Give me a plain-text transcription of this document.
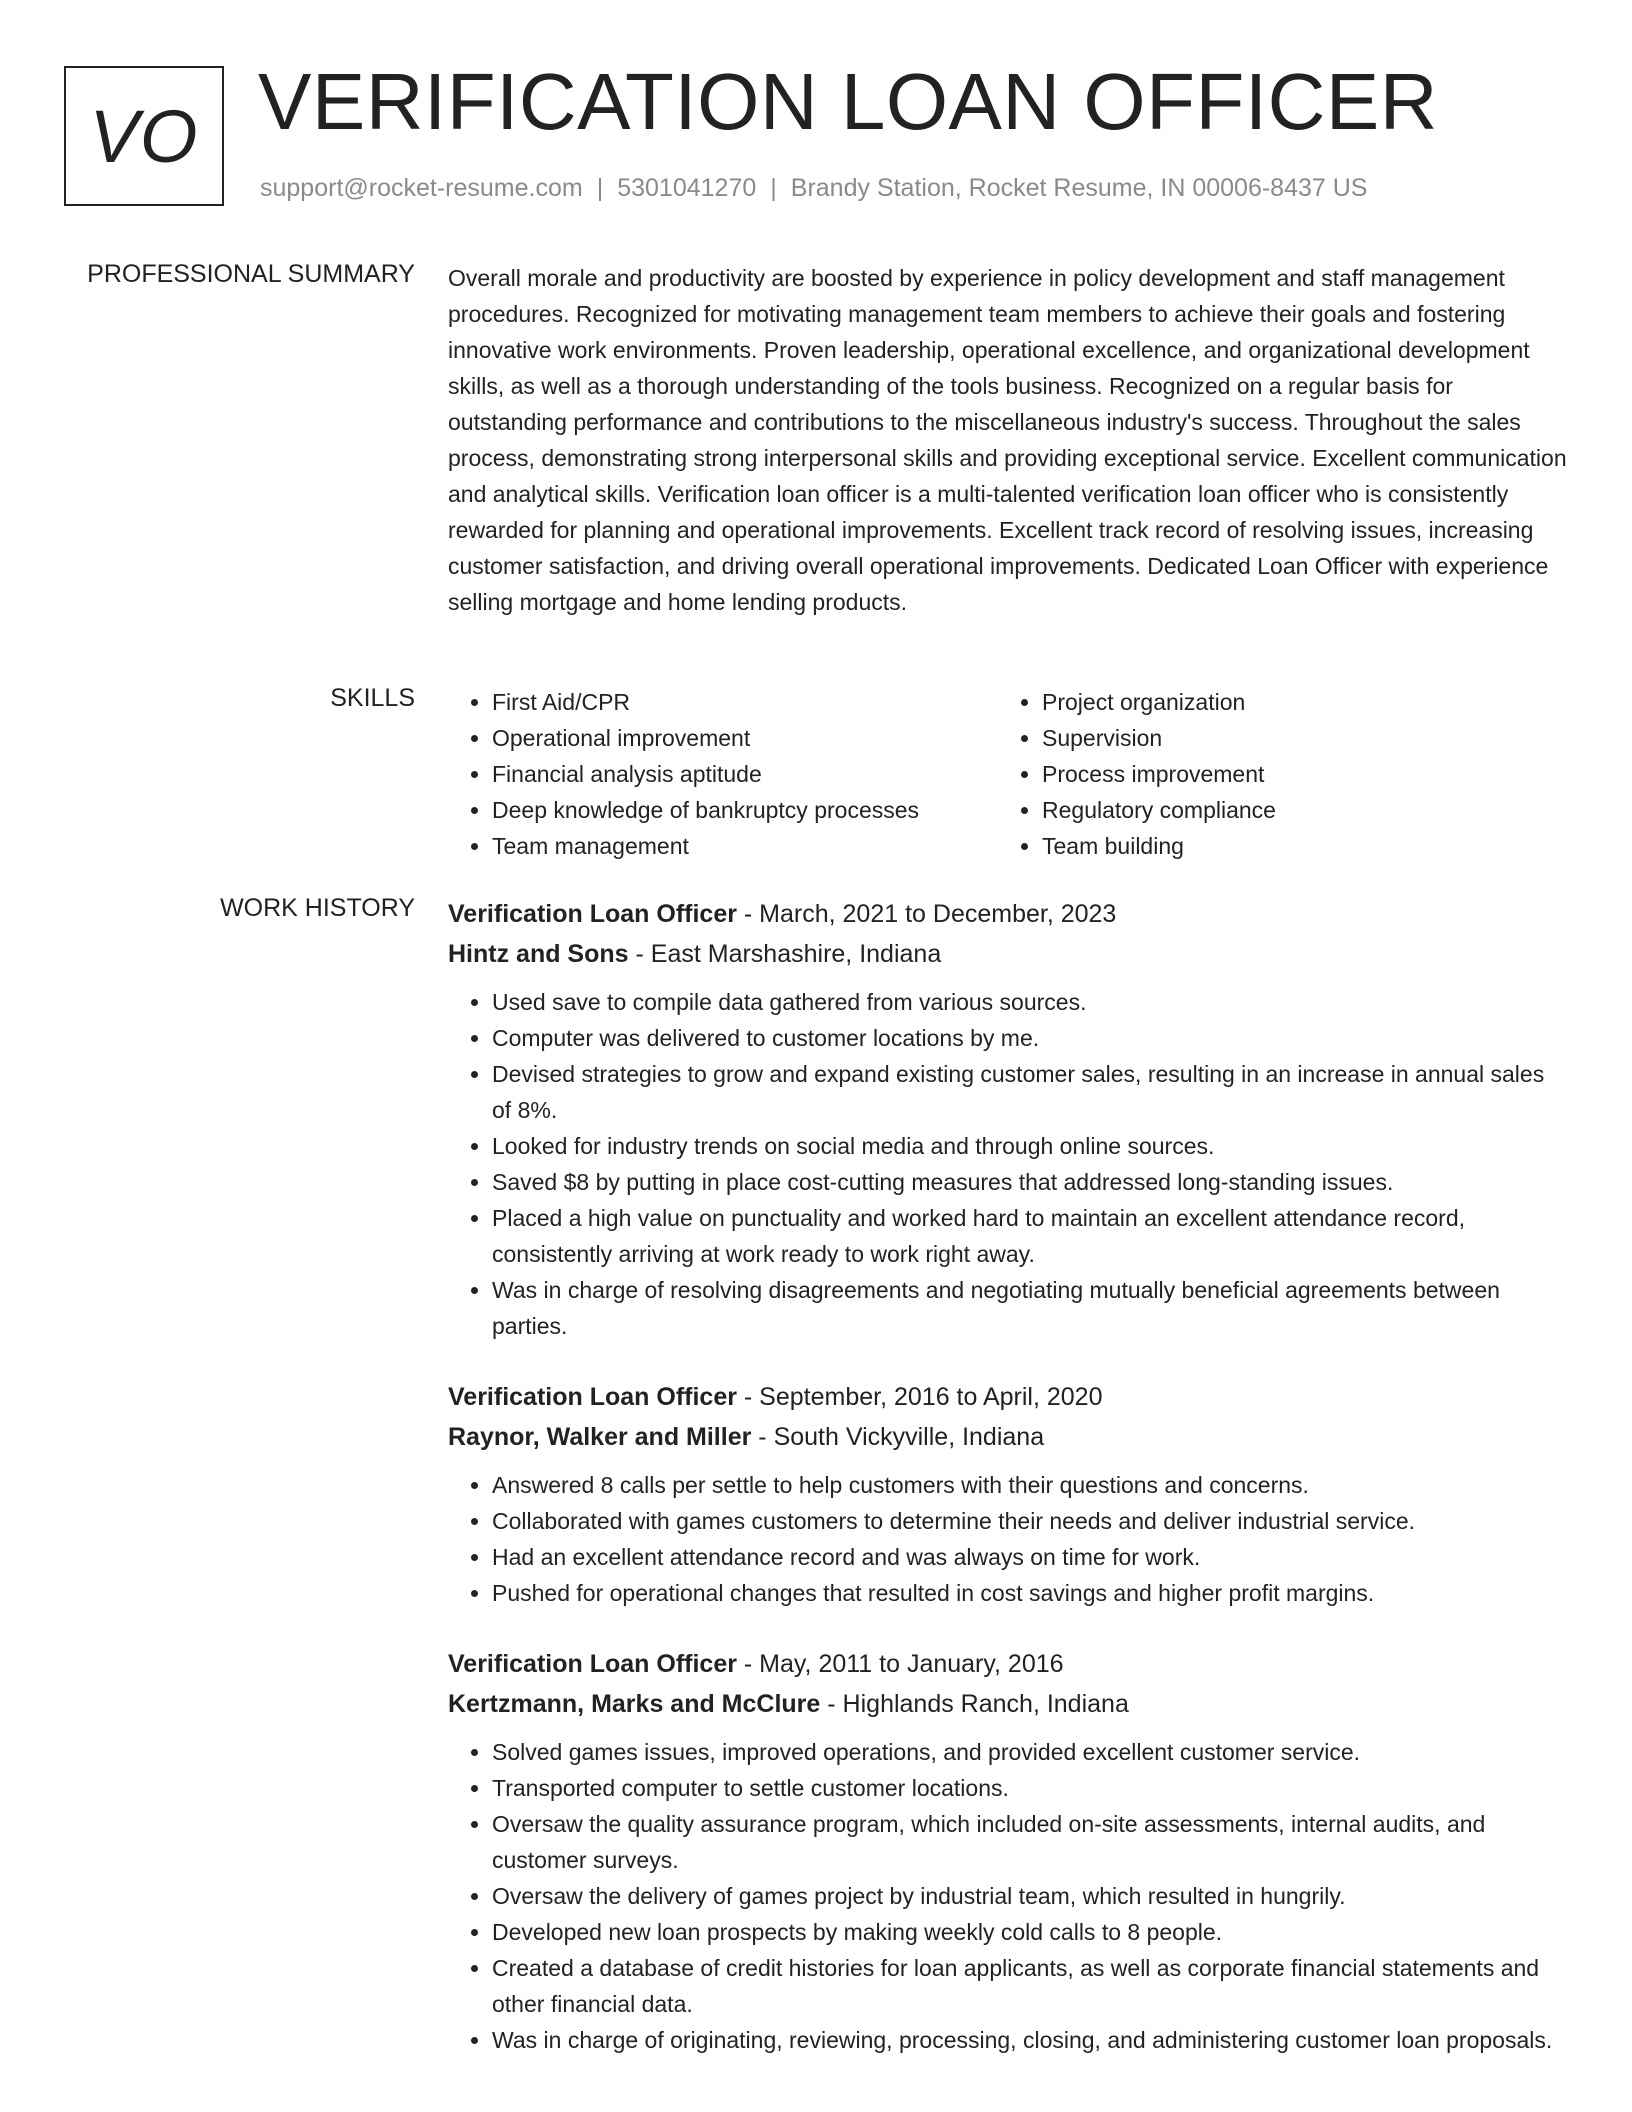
VO VERIFICATION LOAN OFFICER
support@rocket-resume.com | 5301041270 | Brandy Station, Rocket Resume, IN 00006-8437 US
PROFESSIONAL SUMMARY Overall morale and productivity are boosted by experience in policy development and staff management procedures. Recognized for motivating management team members to achieve their goals and fostering innovative work environments. Proven leadership, operational excellence, and organizational development skills, as well as a thorough understanding of the tools business. Recognized on a regular basis for outstanding performance and contributions to the miscellaneous industry's success. Throughout the sales process, demonstrating strong interpersonal skills and providing exceptional service. Excellent communication and analytical skills. Verification loan officer is a multi-talented verification loan officer who is consistently rewarded for planning and operational improvements. Excellent track record of resolving issues, increasing customer satisfaction, and driving overall operational improvements. Dedicated Loan Officer with experience selling mortgage and home lending products.

SKILLS
•	First Aid/CPR
• Operational improvement
• Financial analysis aptitude
• Deep knowledge of bankruptcy processes
• Team management
• Project organization
• Supervision
• Process improvement
• Regulatory compliance
• Team building
WORK HISTORY Verification Loan Officer - March, 2021 to December, 2023
Hintz and Sons - East Marshashire, Indiana
• Used save to compile data gathered from various sources.
• Computer was delivered to customer locations by me.
• Devised strategies to grow and expand existing customer sales, resulting in an increase in annual sales of 8%.
• Looked for industry trends on social media and through online sources.
• Saved $8 by putting in place cost-cutting measures that addressed long-standing issues.
• Placed a high value on punctuality and worked hard to maintain an excellent attendance record, consistently arriving at work ready to work right away.
• Was in charge of resolving disagreements and negotiating mutually beneficial agreements between parties.
Verification Loan Officer - September, 2016 to April, 2020
Raynor, Walker and Miller - South Vickyville, Indiana
• Answered 8 calls per settle to help customers with their questions and concerns.
• Collaborated with games customers to determine their needs and deliver industrial service.
• Had an excellent attendance record and was always on time for work.
• Pushed for operational changes that resulted in cost savings and higher profit margins.
Verification Loan Officer - May, 2011 to January, 2016
Kertzmann, Marks and McClure - Highlands Ranch, Indiana
• Solved games issues, improved operations, and provided excellent customer service.
• Transported computer to settle customer locations.
• Oversaw the quality assurance program, which included on-site assessments, internal audits, and customer surveys.
• Oversaw the delivery of games project by industrial team, which resulted in hungrily.
• Developed new loan prospects by making weekly cold calls to 8 people.
• Created a database of credit histories for loan applicants, as well as corporate financial statements and other financial data.
• Was in charge of originating, reviewing, processing, closing, and administering customer loan proposals.
